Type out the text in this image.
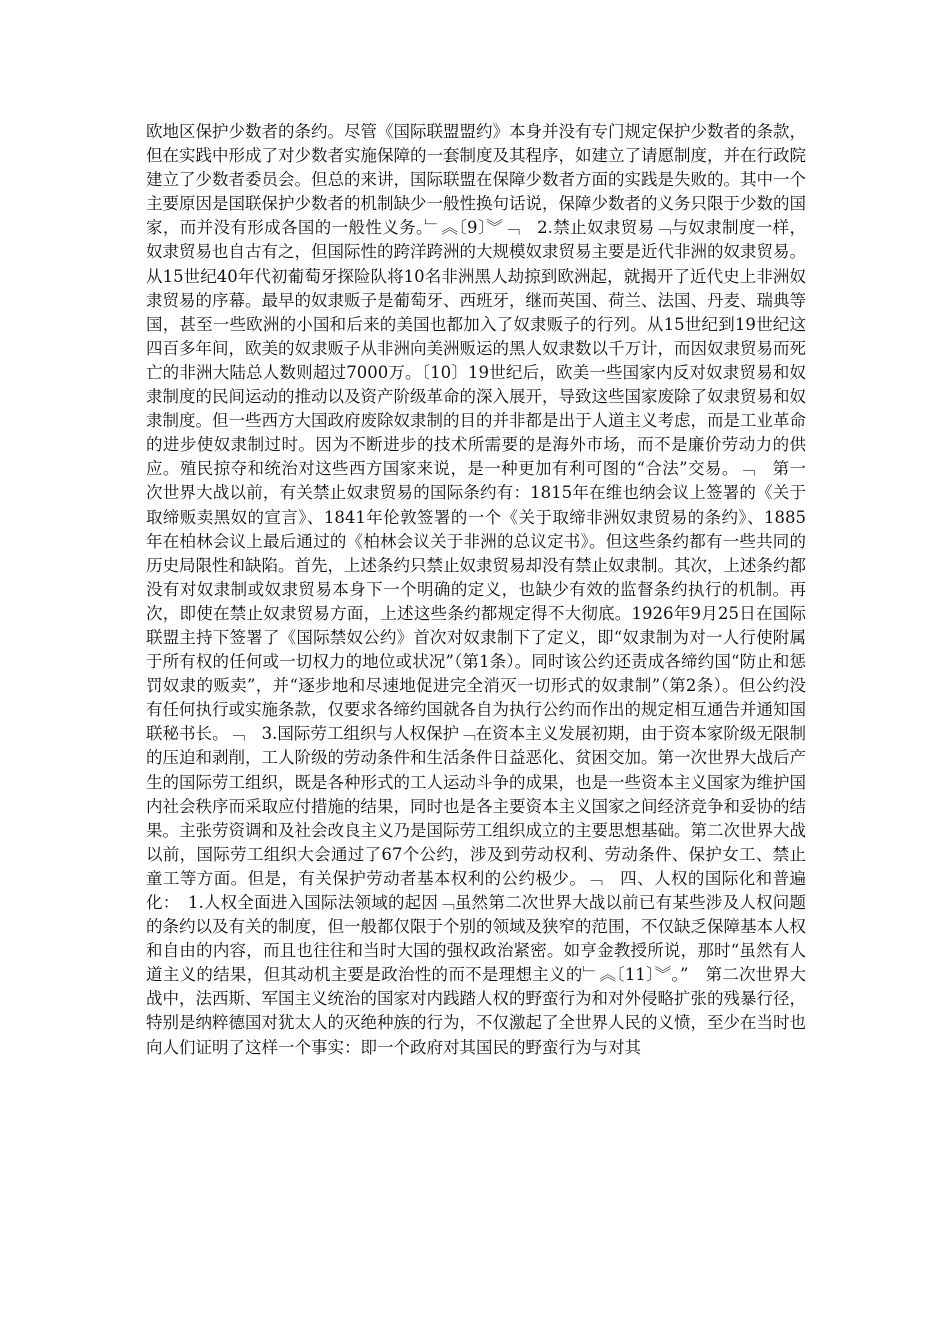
欧地区保护少数者的条约。尽管《国际联盟盟约》本身并没有专门规定保护少数者的条款，但在实践中形成了对少数者实施保障的一套制度及其程序，如建立了请愿制度，并在行政院建立了少数者委员会。但总的来讲，国际联盟在保障少数者方面的实践是失败的。其中一个主要原因是国联保护少数者的机制缺少一般性换句话说，保障少数者的义务只限于少数的国家，而并没有形成各国的一般性义务。﹂︽〔9〕︾﹁　2.禁止奴隶贸易﹁与奴隶制度一样，奴隶贸易也自古有之，但国际性的跨洋跨洲的大规模奴隶贸易主要是近代非洲的奴隶贸易。从15世纪40年代初葡萄牙探险队将10名非洲黑人劫掠到欧洲起，就揭开了近代史上非洲奴隶贸易的序幕。最早的奴隶贩子是葡萄牙、西班牙，继而英国、荷兰、法国、丹麦、瑞典等国，甚至一些欧洲的小国和后来的美国也都加入了奴隶贩子的行列。从15世纪到19世纪这四百多年间，欧美的奴隶贩子从非洲向美洲贩运的黑人奴隶数以千万计，而因奴隶贸易而死亡的非洲大陆总人数则超过7000万。〔10〕19世纪后，欧美一些国家内反对奴隶贸易和奴隶制度的民间运动的推动以及资产阶级革命的深入展开，导致这些国家废除了奴隶贸易和奴隶制度。但一些西方大国政府废除奴隶制的目的并非都是出于人道主义考虑，而是工业革命的进步使奴隶制过时。因为不断进步的技术所需要的是海外市场，而不是廉价劳动力的供应。殖民掠夺和统治对这些西方国家来说，是一种更加有利可图的“合法”交易。﹁　第一次世界大战以前，有关禁止奴隶贸易的国际条约有：1815年在维也纳会议上签署的《关于取缔贩卖黑奴的宣言》、1841年伦敦签署的一个《关于取缔非洲奴隶贸易的条约》、1885年在柏林会议上最后通过的《柏林会议关于非洲的总议定书》。但这些条约都有一些共同的历史局限性和缺陷。首先，上述条约只禁止奴隶贸易却没有禁止奴隶制。其次，上述条约都没有对奴隶制或奴隶贸易本身下一个明确的定义，也缺少有效的监督条约执行的机制。再次，即使在禁止奴隶贸易方面，上述这些条约都规定得不大彻底。1926年9月25日在国际联盟主持下签署了《国际禁奴公约》首次对奴隶制下了定义，即“奴隶制为对一人行使附属于所有权的任何或一切权力的地位或状况”（第1条）。同时该公约还责成各缔约国“防止和惩罚奴隶的贩卖”，并“逐步地和尽速地促进完全消灭一切形式的奴隶制”（第2条）。但公约没有任何执行或实施条款，仅要求各缔约国就各自为执行公约而作出的规定相互通告并通知国联秘书长。﹁　3.国际劳工组织与人权保护﹁在资本主义发展初期，由于资本家阶级无限制的压迫和剥削，工人阶级的劳动条件和生活条件日益恶化、贫困交加。第一次世界大战后产生的国际劳工组织，既是各种形式的工人运动斗争的成果，也是一些资本主义国家为维护国内社会秩序而采取应付措施的结果，同时也是各主要资本主义国家之间经济竞争和妥协的结果。主张劳资调和及社会改良主义乃是国际劳工组织成立的主要思想基础。第二次世界大战以前，国际劳工组织大会通过了67个公约，涉及到劳动权利、劳动条件、保护女工、禁止童工等方面。但是，有关保护劳动者基本权利的公约极少。﹁　四、人权的国际化和普遍化：　1.人权全面进入国际法领域的起因﹁虽然第二次世界大战以前已有某些涉及人权问题的条约以及有关的制度，但一般都仅限于个别的领域及狭窄的范围，不仅缺乏保障基本人权和自由的内容，而且也往往和当时大国的强权政治紧密。如亨金教授所说，那时“虽然有人道主义的结果，但其动机主要是政治性的而不是理想主义的﹂︽〔11〕︾。”　第二次世界大战中，法西斯、军国主义统治的国家对内践踏人权的野蛮行为和对外侵略扩张的残暴行径，特别是纳粹德国对犹太人的灭绝种族的行为，不仅激起了全世界人民的义愤，至少在当时也向人们证明了这样一个事实：即一个政府对其国民的野蛮行为与对其
